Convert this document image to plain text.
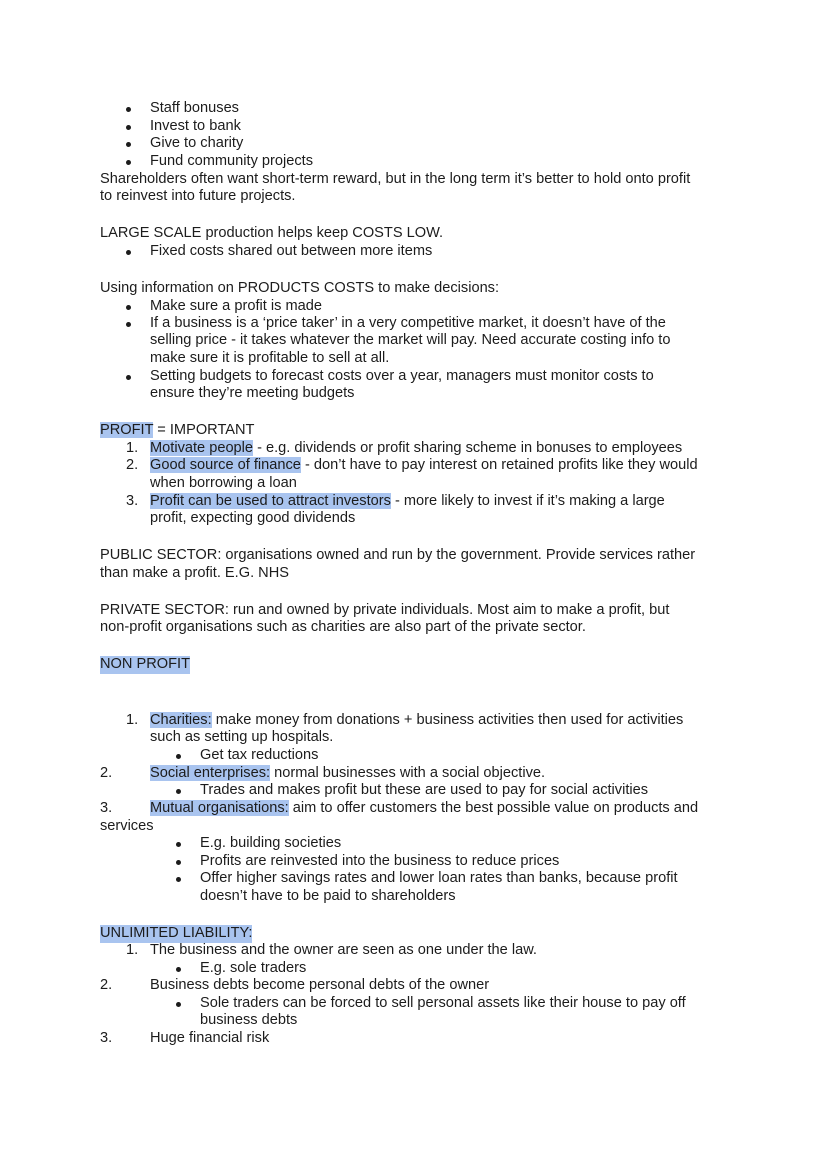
Staff bonuses
Invest to bank
Give to charity
Fund community projects
Shareholders often want short-term reward, but in the long term it’s better to hold onto profit
to reinvest into future projects.
LARGE SCALE production helps keep COSTS LOW.
Fixed costs shared out between more items
Using information on PRODUCTS COSTS to make decisions:
Make sure a profit is made
If a business is a ‘price taker’ in a very competitive market, it doesn’t have of the
selling price - it takes whatever the market will pay. Need accurate costing info to
make sure it is profitable to sell at all.
Setting budgets to forecast costs over a year, managers must monitor costs to
ensure they’re meeting budgets
PROFIT = IMPORTANT
1. Motivate people - e.g. dividends or profit sharing scheme in bonuses to employees
2. Good source of finance - don’t have to pay interest on retained profits like they would
when borrowing a loan
3. Profit can be used to attract investors - more likely to invest if it’s making a large
profit, expecting good dividends
PUBLIC SECTOR: organisations owned and run by the government. Provide services rather
than make a profit. E.G. NHS
PRIVATE SECTOR: run and owned by private individuals. Most aim to make a profit, but
non-profit organisations such as charities are also part of the private sector.
NON PROFIT
1. Charities: make money from donations + business activities then used for activities
such as setting up hospitals.
Get tax reductions
2.	Social enterprises: normal businesses with a social objective.
Trades and makes profit but these are used to pay for social activities
3.	Mutual organisations: aim to offer customers the best possible value on products and
services
E.g. building societies
Profits are reinvested into the business to reduce prices
Offer higher savings rates and lower loan rates than banks, because profit
doesn’t have to be paid to shareholders
UNLIMITED LIABILITY:
1. The business and the owner are seen as one under the law.
E.g. sole traders
2.	Business debts become personal debts of the owner
Sole traders can be forced to sell personal assets like their house to pay off
business debts
3.	Huge financial risk
